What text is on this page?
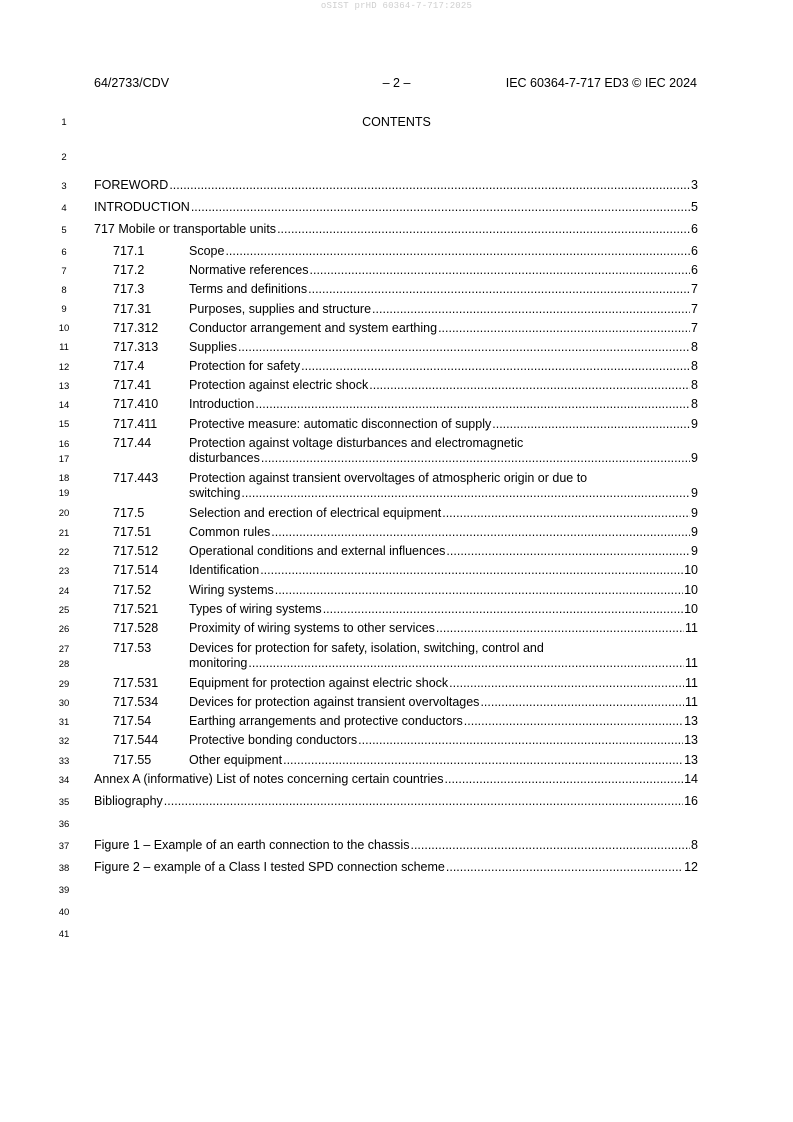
oSIST prHD 60364-7-717:2025
64/2733/CDV	– 2 –	IEC 60364-7-717 ED3 © IEC 2024
1
2
3
4
5
6
7
8
9
10
11
12
13
14
15
16
17
18
19
20
21
22
23
24
25
26
27
28
29
30
31
32
33
34
35
36
37
38
39
40
41
CONTENTS
FOREWORD .....	3
INTRODUCTION .....	5
717 Mobile or transportable units .....	6
717.1	Scope .....	6
717.2	Normative references .....	6
717.3	Terms and definitions .....	7
717.31	Purposes, supplies and structure .....	7
717.312	Conductor arrangement and system earthing .....	7
717.313	Supplies .....	8
717.4	Protection for safety .....	8
717.41	Protection against electric shock .....	8
717.410	Introduction .....	8
717.411	Protective measure: automatic disconnection of supply .....	9
717.44	Protection against voltage disturbances and electromagnetic
disturbances .....	9
717.443	Protection against transient overvoltages of atmospheric origin or due to
switching .....	9
717.5	Selection and erection of electrical equipment .....	9
717.51	Common rules .....	9
717.512	Operational conditions and external influences .....	9
717.514	Identification .....	10
717.52	Wiring systems .....	10
717.521	Types of wiring systems .....	10
717.528	Proximity of wiring systems to other services .....	11
717.53	Devices for protection for safety, isolation, switching, control and
monitoring .....	11
717.531	Equipment for protection against electric shock .....	11
717.534	Devices for protection against transient overvoltages .....	11
717.54	Earthing arrangements and protective conductors .....	13
717.544	Protective bonding conductors .....	13
717.55	Other equipment .....	13
Annex A (informative) List of notes concerning certain countries .....	14
Bibliography .....	16
Figure 1 – Example of an earth connection to the chassis .....	8
Figure 2 – example of a Class I tested SPD connection scheme .....	12
